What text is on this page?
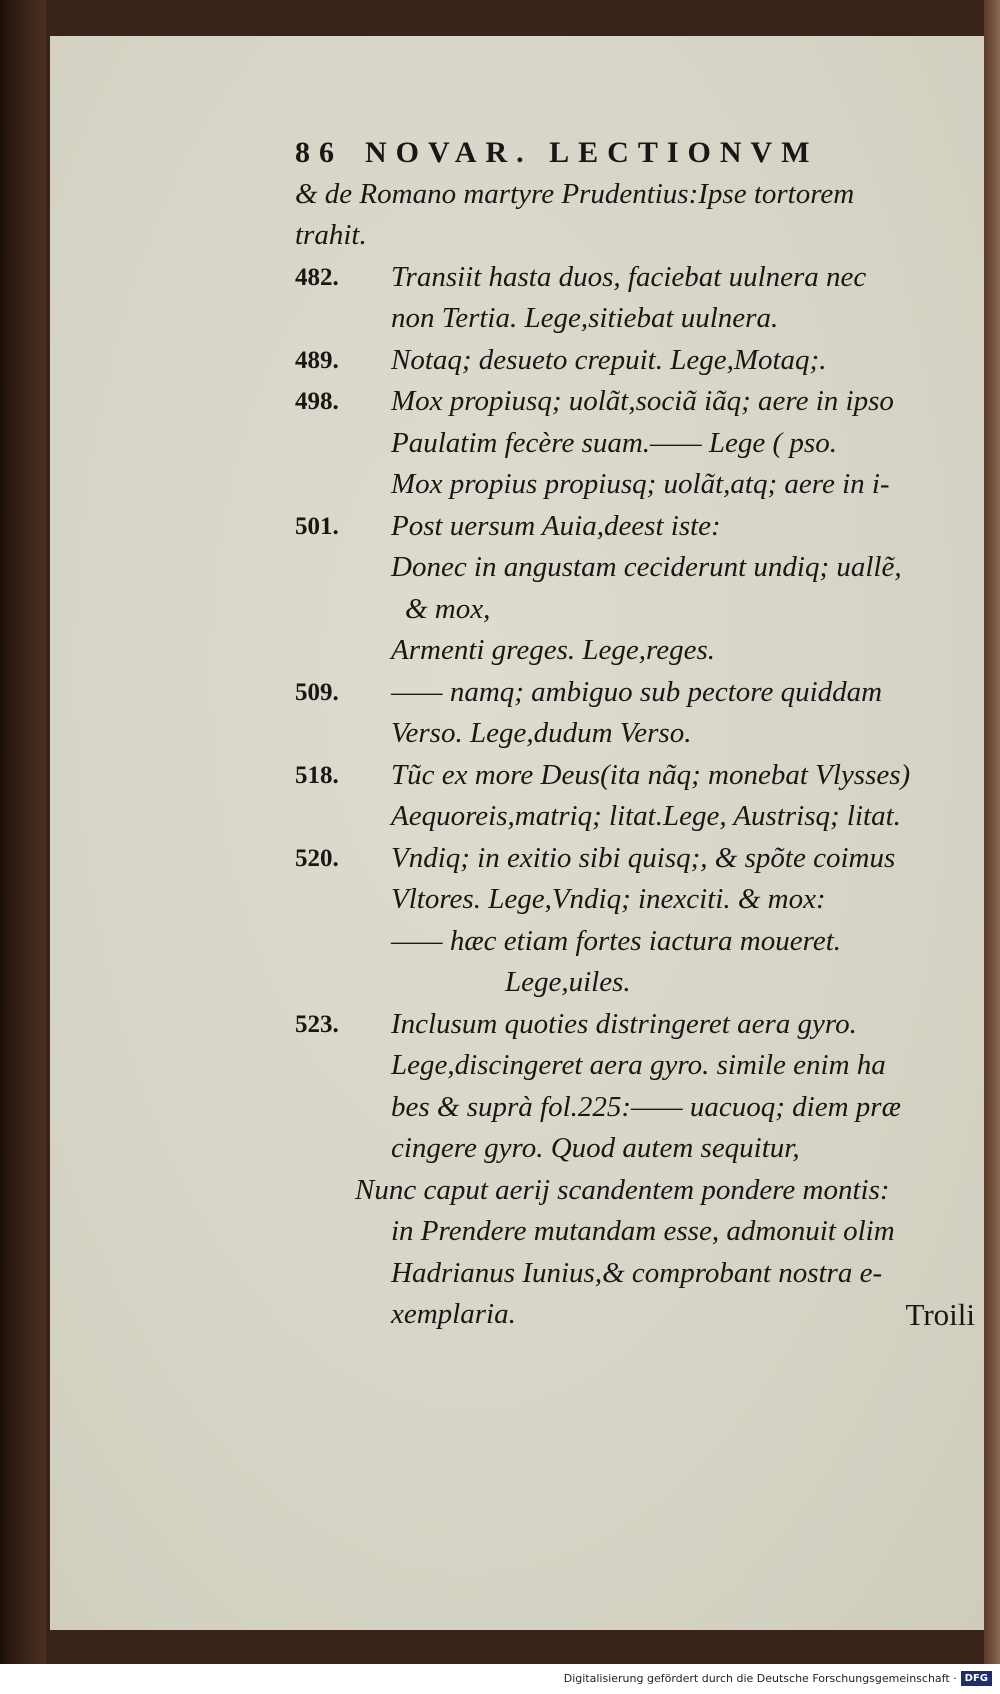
86 NOVAR. LECTIONVM
& de Romano martyre Prudentius:Ipse tortorem
trahit.
482.	Transiit hasta duos, faciebat uulnera nec
non Tertia. Lege,sitiebat uulnera.
489.	Notaq; desueto crepuit. Lege,Motaq;.
498.	Mox propiusq; uolãt,sociã iãq; aere in ipso
Paulatim fecère suam.—— Lege ( pso.
Mox propius propiusq; uolãt,atq; aere in i-
501.	Post uersum Auia,deest iste:
Donec in angustam ceciderunt undiq; uallẽ,
& mox,
Armenti greges. Lege,reges.
509.	—— namq; ambiguo sub pectore quiddam
Verso. Lege,dudum Verso.
518.	Tũc ex more Deus(ita nãq; monebat Vlysses)
Aequoreis,matriq; litat.Lege, Austrisq; litat.
520.	Vndiq; in exitio sibi quisq;, & spõte coimus
Vltores. Lege,Vndiq; inexciti. & mox:
—— hæc etiam fortes iactura moueret.
Lege,uiles.
523.	Inclusum quoties distringeret aera gyro.
Lege,discingeret aera gyro. simile enim ha
bes & suprà fol.225:—— uacuoq; diem præ
cingere gyro. Quod autem sequitur,
Nunc caput aerij scandentem pondere montis:
in Prendere mutandam esse, admonuit olim
Hadrianus Iunius,& comprobant nostra e-
xemplaria.	Troili
Digitalisierung gefördert durch die Deutsche Forschungsgemeinschaft · DFG
